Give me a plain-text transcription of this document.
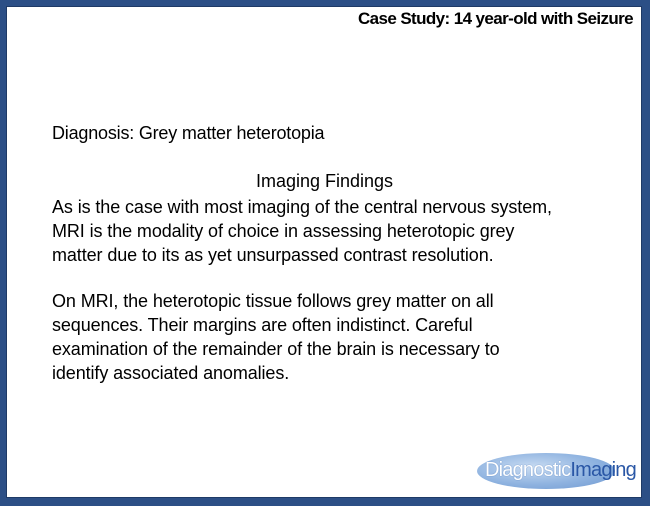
Case Study: 14 year-old with Seizure
Diagnosis: Grey matter heterotopia
Imaging Findings
As is the case with most imaging of the central nervous system,
MRI is the modality of choice in assessing heterotopic grey
matter due to its as yet unsurpassed contrast resolution.
On MRI, the heterotopic tissue follows grey matter on all
sequences. Their margins are often indistinct. Careful
examination of the remainder of the brain is necessary to
identify associated anomalies.
DiagnosticImaging
